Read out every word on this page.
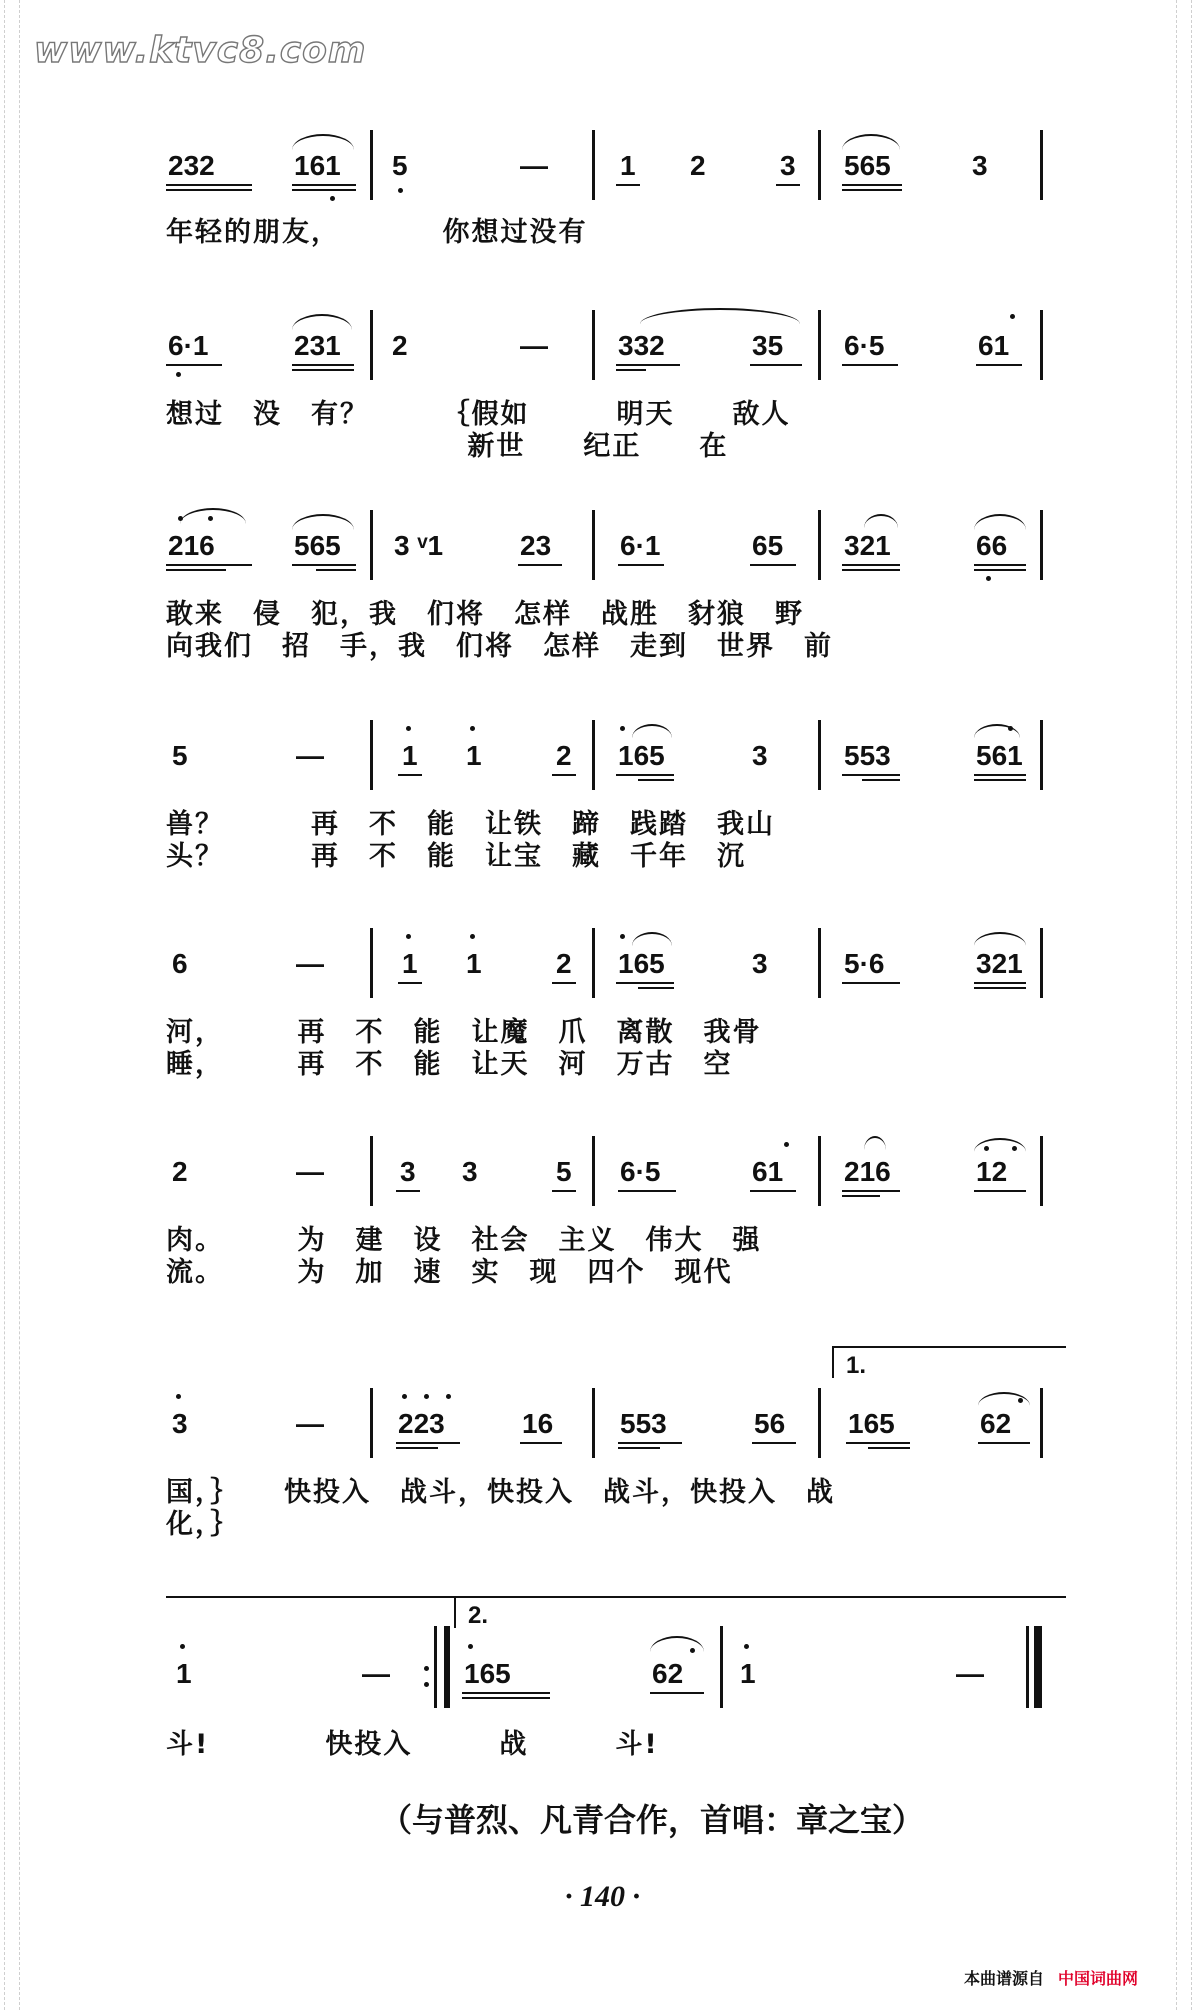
www.ktvc8.com
232	161 5	—	1 2	3 565	3
年轻的朋友，　　　　你想过没有
6·1	231 2	—	332	35 6·5	61
想过　没　有？　　　｛假如　　　明天　　敌人
　　　　　　　　　　 新世　　纪正　　在
216	565 3 ᵛ1	23 6·1	65 321	66
敢来　侵　犯，我　们将　怎样　战胜　豺狼　野
向我们　招　手，我　们将　怎样　走到　世界　前
5	—	1 1	2 165	3	553	561
兽？　　　再　不　能　让铁　蹄　践踏　我山
头？　　　再　不　能　让宝　藏　千年　沉
6	—	1 1	2 165	3	5·6	321
河，　　　再　不　能　让魔　爪　离散　我骨
睡，　　　再　不　能　让天　河　万古　空
2	—	3 3	5 6·5	61 216	12
肉。　　　为　建　设　社会　主义　伟大　强
流。　　　为　加　速　实　现　四个　现代
1.
3	—	223	16 553	56 165	62
国，｝　　快投入　战斗，快投入　战斗，快投入　战
化，｝
2.
1	—	165	62 1	—
斗!　　　　快投入　　　战　　　斗!
（与普烈、凡青合作，首唱：章之宝）
· 140 ·
本曲谱源自 中国词曲网
